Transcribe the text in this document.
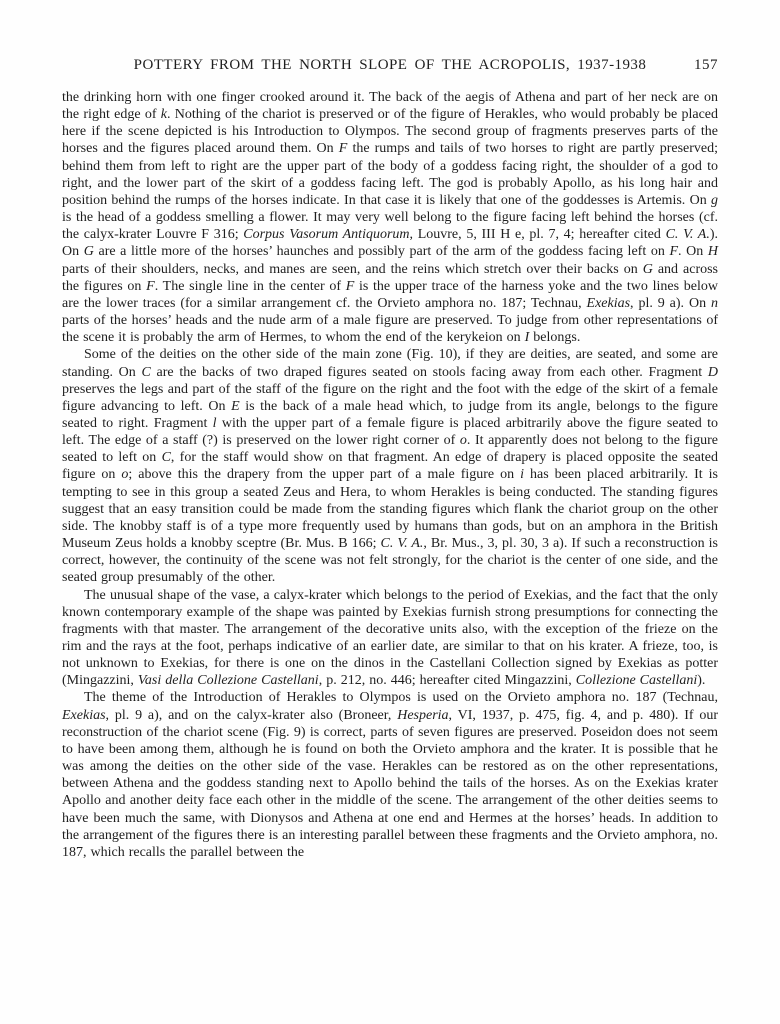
POTTERY FROM THE NORTH SLOPE OF THE ACROPOLIS, 1937-1938	157

the drinking horn with one finger crooked around it. The back of the aegis of Athena and part of her neck are on the right edge of k. Nothing of the chariot is preserved or of the figure of Herakles, who would probably be placed here if the scene depicted is his Introduction to Olympos. The second group of fragments preserves parts of the horses and the figures placed around them. On F the rumps and tails of two horses to right are partly preserved; behind them from left to right are the upper part of the body of a goddess facing right, the shoulder of a god to right, and the lower part of the skirt of a goddess facing left. The god is probably Apollo, as his long hair and position behind the rumps of the horses indicate. In that case it is likely that one of the goddesses is Artemis. On g is the head of a goddess smelling a flower. It may very well belong to the figure facing left behind the horses (cf. the calyx-krater Louvre F 316; Corpus Vasorum Antiquorum, Louvre, 5, III H e, pl. 7, 4; hereafter cited C. V. A.). On G are a little more of the horses’ haunches and possibly part of the arm of the goddess facing left on F. On H parts of their shoulders, necks, and manes are seen, and the reins which stretch over their backs on G and across the figures on F. The single line in the center of F is the upper trace of the harness yoke and the two lines below are the lower traces (for a similar arrangement cf. the Orvieto amphora no. 187; Technau, Exekias, pl. 9 a). On n parts of the horses’ heads and the nude arm of a male figure are preserved. To judge from other representations of the scene it is probably the arm of Hermes, to whom the end of the kerykeion on I belongs.

Some of the deities on the other side of the main zone (Fig. 10), if they are deities, are seated, and some are standing. On C are the backs of two draped figures seated on stools facing away from each other. Fragment D preserves the legs and part of the staff of the figure on the right and the foot with the edge of the skirt of a female figure advancing to left. On E is the back of a male head which, to judge from its angle, belongs to the figure seated to right. Fragment l with the upper part of a female figure is placed arbitrarily above the figure seated to left. The edge of a staff (?) is preserved on the lower right corner of o. It apparently does not belong to the figure seated to left on C, for the staff would show on that fragment. An edge of drapery is placed opposite the seated figure on o; above this the drapery from the upper part of a male figure on i has been placed arbitrarily. It is tempting to see in this group a seated Zeus and Hera, to whom Herakles is being conducted. The standing figures suggest that an easy transition could be made from the standing figures which flank the chariot group on the other side. The knobby staff is of a type more frequently used by humans than gods, but on an amphora in the British Museum Zeus holds a knobby sceptre (Br. Mus. B 166; C. V. A., Br. Mus., 3, pl. 30, 3 a). If such a reconstruction is correct, however, the continuity of the scene was not felt strongly, for the chariot is the center of one side, and the seated group presumably of the other.

The unusual shape of the vase, a calyx-krater which belongs to the period of Exekias, and the fact that the only known contemporary example of the shape was painted by Exekias furnish strong presumptions for connecting the fragments with that master. The arrangement of the decorative units also, with the exception of the frieze on the rim and the rays at the foot, perhaps indicative of an earlier date, are similar to that on his krater. A frieze, too, is not unknown to Exekias, for there is one on the dinos in the Castellani Collection signed by Exekias as potter (Mingazzini, Vasi della Collezione Castellani, p. 212, no. 446; hereafter cited Mingazzini, Collezione Castellani).

The theme of the Introduction of Herakles to Olympos is used on the Orvieto amphora no. 187 (Technau, Exekias, pl. 9 a), and on the calyx-krater also (Broneer, Hesperia, VI, 1937, p. 475, fig. 4, and p. 480). If our reconstruction of the chariot scene (Fig. 9) is correct, parts of seven figures are preserved. Poseidon does not seem to have been among them, although he is found on both the Orvieto amphora and the krater. It is possible that he was among the deities on the other side of the vase. Herakles can be restored as on the other representations, between Athena and the goddess standing next to Apollo behind the tails of the horses. As on the Exekias krater Apollo and another deity face each other in the middle of the scene. The arrangement of the other deities seems to have been much the same, with Dionysos and Athena at one end and Hermes at the horses’ heads. In addition to the arrangement of the figures there is an interesting parallel between these fragments and the Orvieto amphora, no. 187, which recalls the parallel between the
